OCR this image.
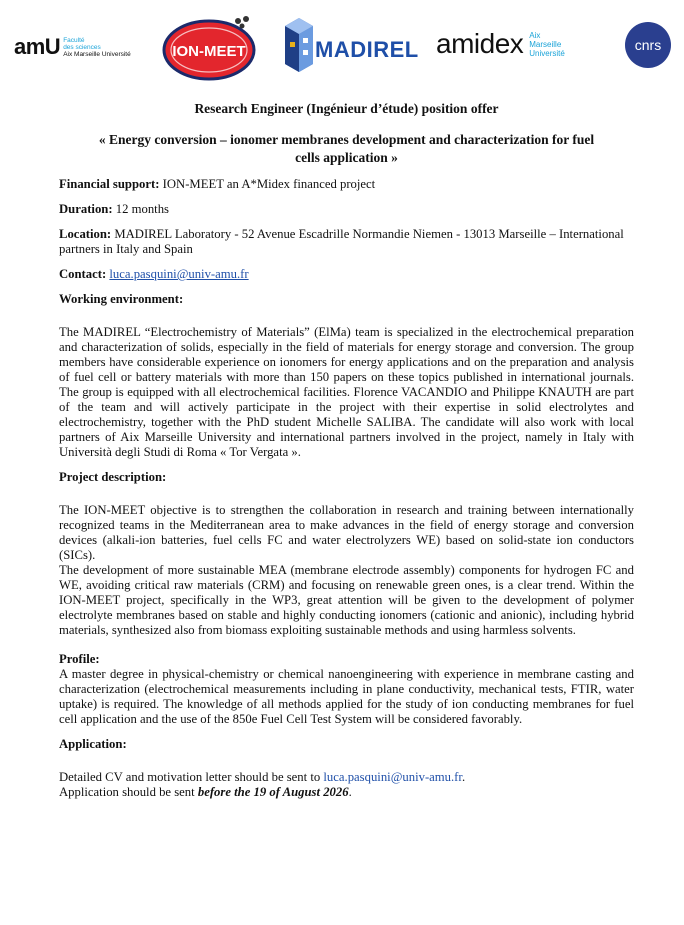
amU Faculté
des sciences
Aix Marseille Université	ION-MEET	MADIREL amidex Aix
Marseille
Université	cnrs
Research Engineer (Ingénieur d’étude) position offer
« Energy conversion – ionomer membranes development and characterization for fuel
cells application »
Financial support: ION-MEET an A*Midex financed project
Duration: 12 months
Location: MADIREL Laboratory - 52 Avenue Escadrille Normandie Niemen - 13013 Marseille – International partners in Italy and Spain
Contact: luca.pasquini@univ-amu.fr
Working environment:
The MADIREL “Electrochemistry of Materials” (ElMa) team is specialized in the electrochemical preparation and characterization of solids, especially in the field of materials for energy storage and conversion. The group members have considerable experience on ionomers for energy applications and on the preparation and analysis of fuel cell or battery materials with more than 150 papers on these topics published in international journals. The group is equipped with all electrochemical facilities. Florence VACANDIO and Philippe KNAUTH are part of the team and will actively participate in the project with their expertise in solid electrolytes and electrochemistry, together with the PhD student Michelle SALIBA. The candidate will also work with local partners of Aix Marseille University and international partners involved in the project, namely in Italy with Università degli Studi di Roma « Tor Vergata ».
Project description:
The ION-MEET objective is to strengthen the collaboration in research and training between internationally recognized teams in the Mediterranean area to make advances in the field of energy storage and conversion devices (alkali-ion batteries, fuel cells FC and water electrolyzers WE) based on solid-state ion conductors (SICs).
The development of more sustainable MEA (membrane electrode assembly) components for hydrogen FC and WE, avoiding critical raw materials (CRM) and focusing on renewable green ones, is a clear trend. Within the ION-MEET project, specifically in the WP3, great attention will be given to the development of polymer electrolyte membranes based on stable and highly conducting ionomers (cationic and anionic), including hybrid materials, synthesized also from biomass exploiting sustainable methods and using harmless solvents.
Profile:
A master degree in physical-chemistry or chemical nanoengineering with experience in membrane casting and characterization (electrochemical measurements including in plane conductivity, mechanical tests, FTIR, water uptake) is required. The knowledge of all methods applied for the study of ion conducting membranes for fuel cell application and the use of the 850e Fuel Cell Test System will be considered favorably.
Application:
Detailed CV and motivation letter should be sent to luca.pasquini@univ-amu.fr.
Application should be sent before the 19 of August 2026.
